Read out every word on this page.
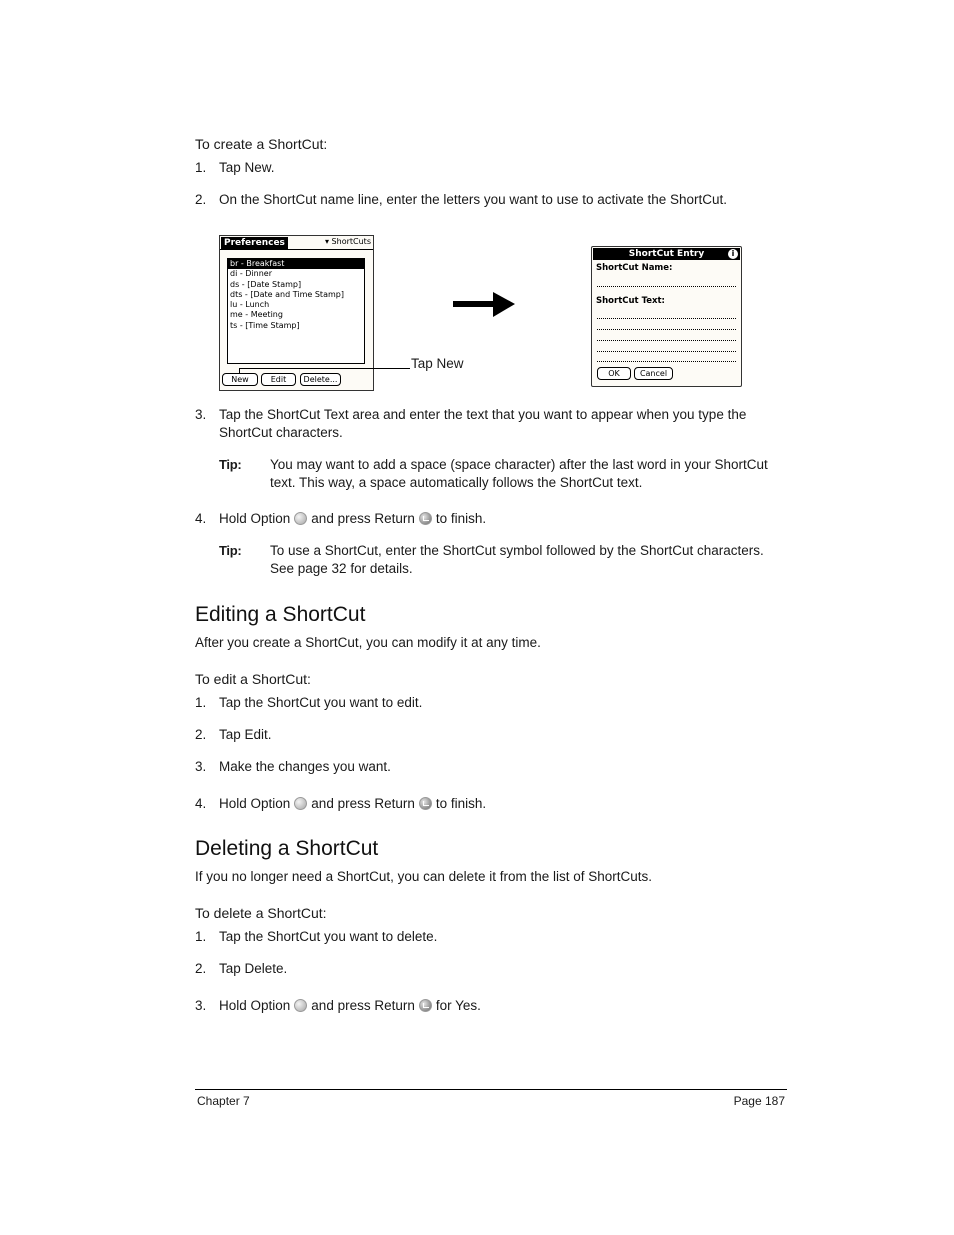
To create a ShortCut:
1. Tap New.
2. On the ShortCut name line, enter the letters you want to use to activate the ShortCut.
Preferences	▾ ShortCuts
br - Breakfast
di - Dinner
ds - [Date Stamp]
dts - [Date and Time Stamp]
lu - Lunch
me - Meeting
ts - [Time Stamp]
New	Edit	Delete...
Tap New
ShortCut Entry	i
ShortCut Name:
ShortCut Text:
OK	Cancel
3. Tap the ShortCut Text area and enter the text that you want to appear when you type the
ShortCut characters.
Tip: You may want to add a space (space character) after the last word in your ShortCut
text. This way, a space automatically follows the ShortCut text.
4. Hold Option and press Return to finish.
Tip: To use a ShortCut, enter the ShortCut symbol followed by the ShortCut characters.
See page 32 for details.
Editing a ShortCut
After you create a ShortCut, you can modify it at any time.
To edit a ShortCut:
1. Tap the ShortCut you want to edit.
2. Tap Edit.
3. Make the changes you want.
4. Hold Option and press Return to finish.
Deleting a ShortCut
If you no longer need a ShortCut, you can delete it from the list of ShortCuts.
To delete a ShortCut:
1. Tap the ShortCut you want to delete.
2. Tap Delete.
3. Hold Option and press Return for Yes.
Chapter 7	Page 187
